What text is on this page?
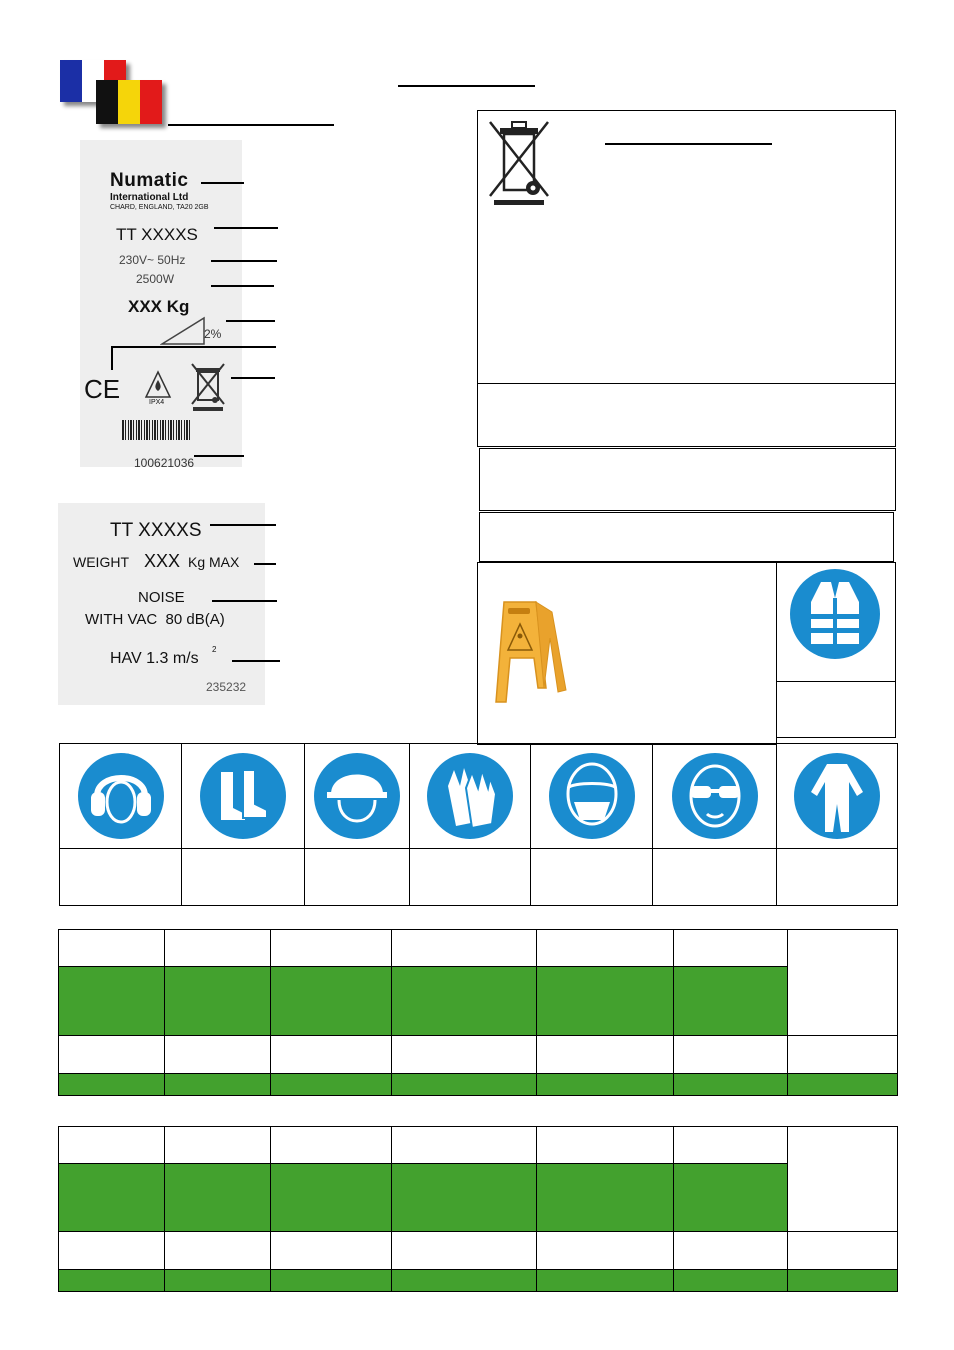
Numatic
International Ltd
CHARD, ENGLAND, TA20 2GB
TT XXXXS
230V~ 50Hz
2500W
XXX Kg
2%
CE	IPX4
100621036
TT XXXXS
WEIGHT XXX Kg MAX
NOISE
WITH VAC  80 dB(A)
HAV 1.3 m/s
2
235232
